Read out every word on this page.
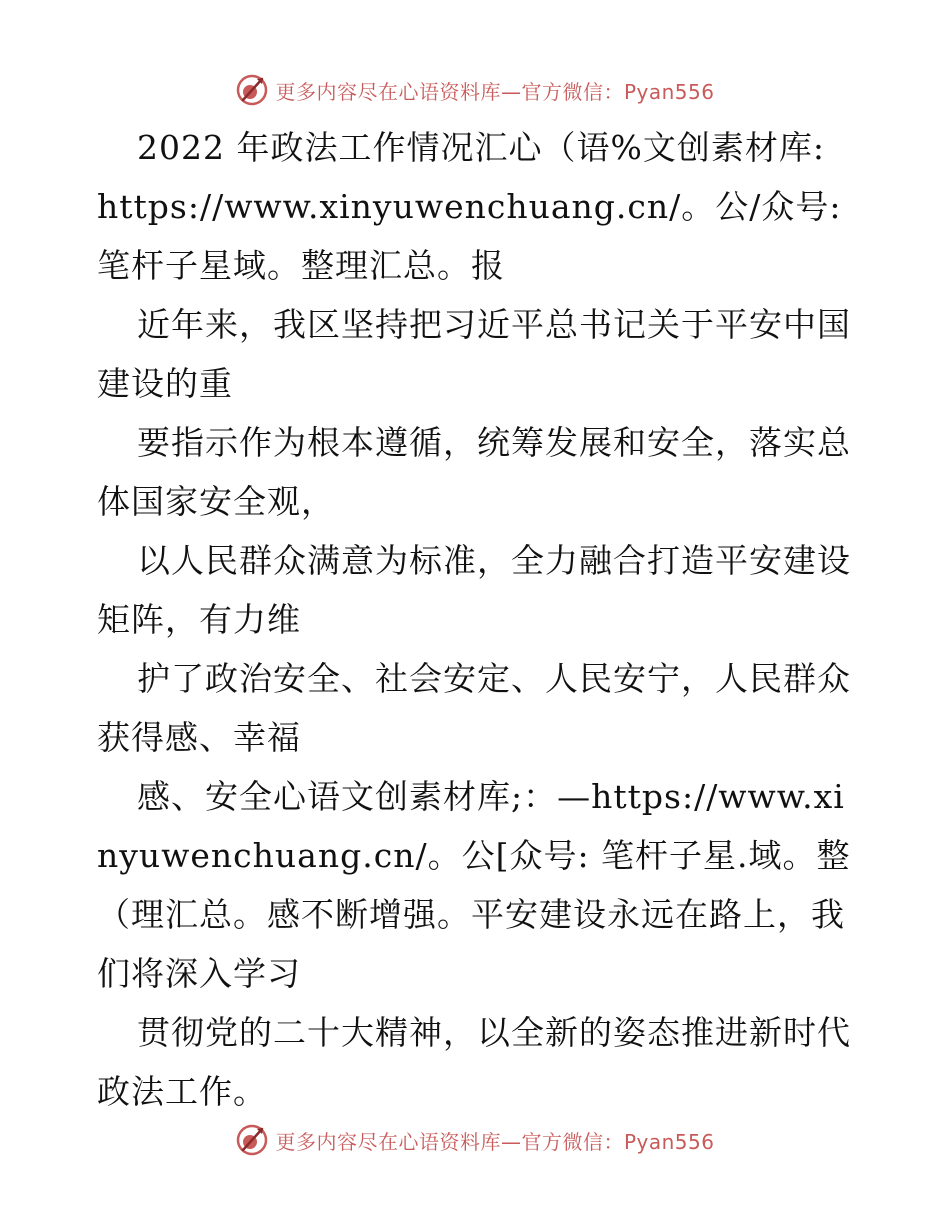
更多内容尽在心语资料库—官方微信：Pyan556

2022 年政法工作情况汇心（语%文创素材库: https://www.xinyuwenchuang.cn/。公/众号: 笔杆子星域。整理汇总。报

近年来，我区坚持把习近平总书记关于平安中国建设的重

要指示作为根本遵循，统筹发展和安全，落实总体国家安全观，

以人民群众满意为标准，全力融合打造平安建设矩阵，有力维

护了政治安全、社会安定、人民安宁，人民群众获得感、幸福

感、安全心语文创素材库;：—https://www.xinyuwenchuang.cn/。公[众号: 笔杆子星.域。整（理汇总。感不断增强。平安建设永远在路上，我们将深入学习

贯彻党的二十大精神，以全新的姿态推进新时代政法工作。

更多内容尽在心语资料库—官方微信：Pyan556
